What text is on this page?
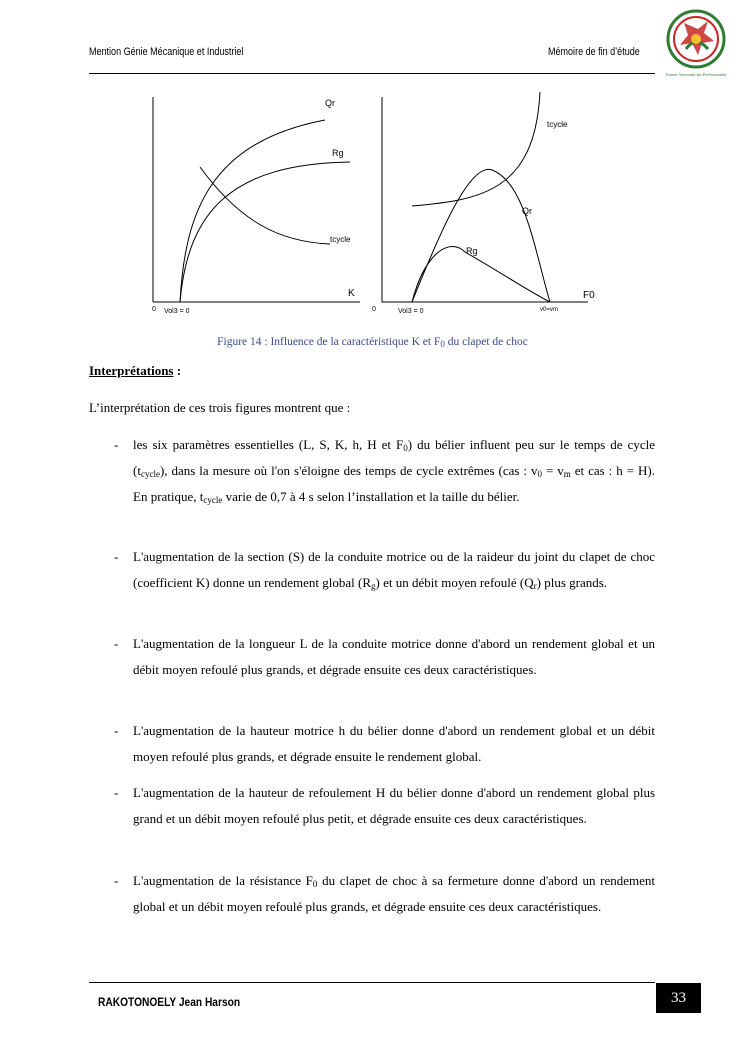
Mention Génie Mécanique et Industriel	Mémoire de fin d’étude
Former Autrement des Professionnels
Qr
Rg
tcycle
K
0 Vol3 = 0
tcycle
Qr
Rg
F0
0	Vol3 = 0	v0=vm
Figure 14 : Influence de la caractéristique K et $F_0$ du clapet de choc
Interprétations :
L’interprétation de ces trois figures montrent que :
- les six paramètres essentielles (L, S, K, h, H et $F_0$) du bélier influent peu sur le temps de cycle $(t_{cycle})$, dans la mesure où l'on s'éloigne des temps de cycle extrêmes (cas : $v_0 = v_m$ et cas : h = H). En pratique, $t_{cycle}$ varie de 0,7 à 4 s selon l’installation et la taille du bélier.
- L'augmentation de la section (S) de la conduite motrice ou de la raideur du joint du clapet de choc (coefficient K) donne un rendement global $(R_g)$ et un débit moyen refoulé $(Q_r)$ plus grands.
- L'augmentation de la longueur L de la conduite motrice donne d'abord un rendement global et un débit moyen refoulé plus grands, et dégrade ensuite ces deux caractéristiques.
- L'augmentation de la hauteur motrice h du bélier donne d'abord un rendement global et un débit moyen refoulé plus grands, et dégrade ensuite le rendement global.
- L'augmentation de la hauteur de refoulement H du bélier donne d'abord un rendement global plus grand et un débit moyen refoulé plus petit, et dégrade ensuite ces deux caractéristiques.
- L'augmentation de la résistance $F_0$ du clapet de choc à sa fermeture donne d'abord un rendement global et un débit moyen refoulé plus grands, et dégrade ensuite ces deux caractéristiques.
RAKOTONOELY Jean Harson	33
